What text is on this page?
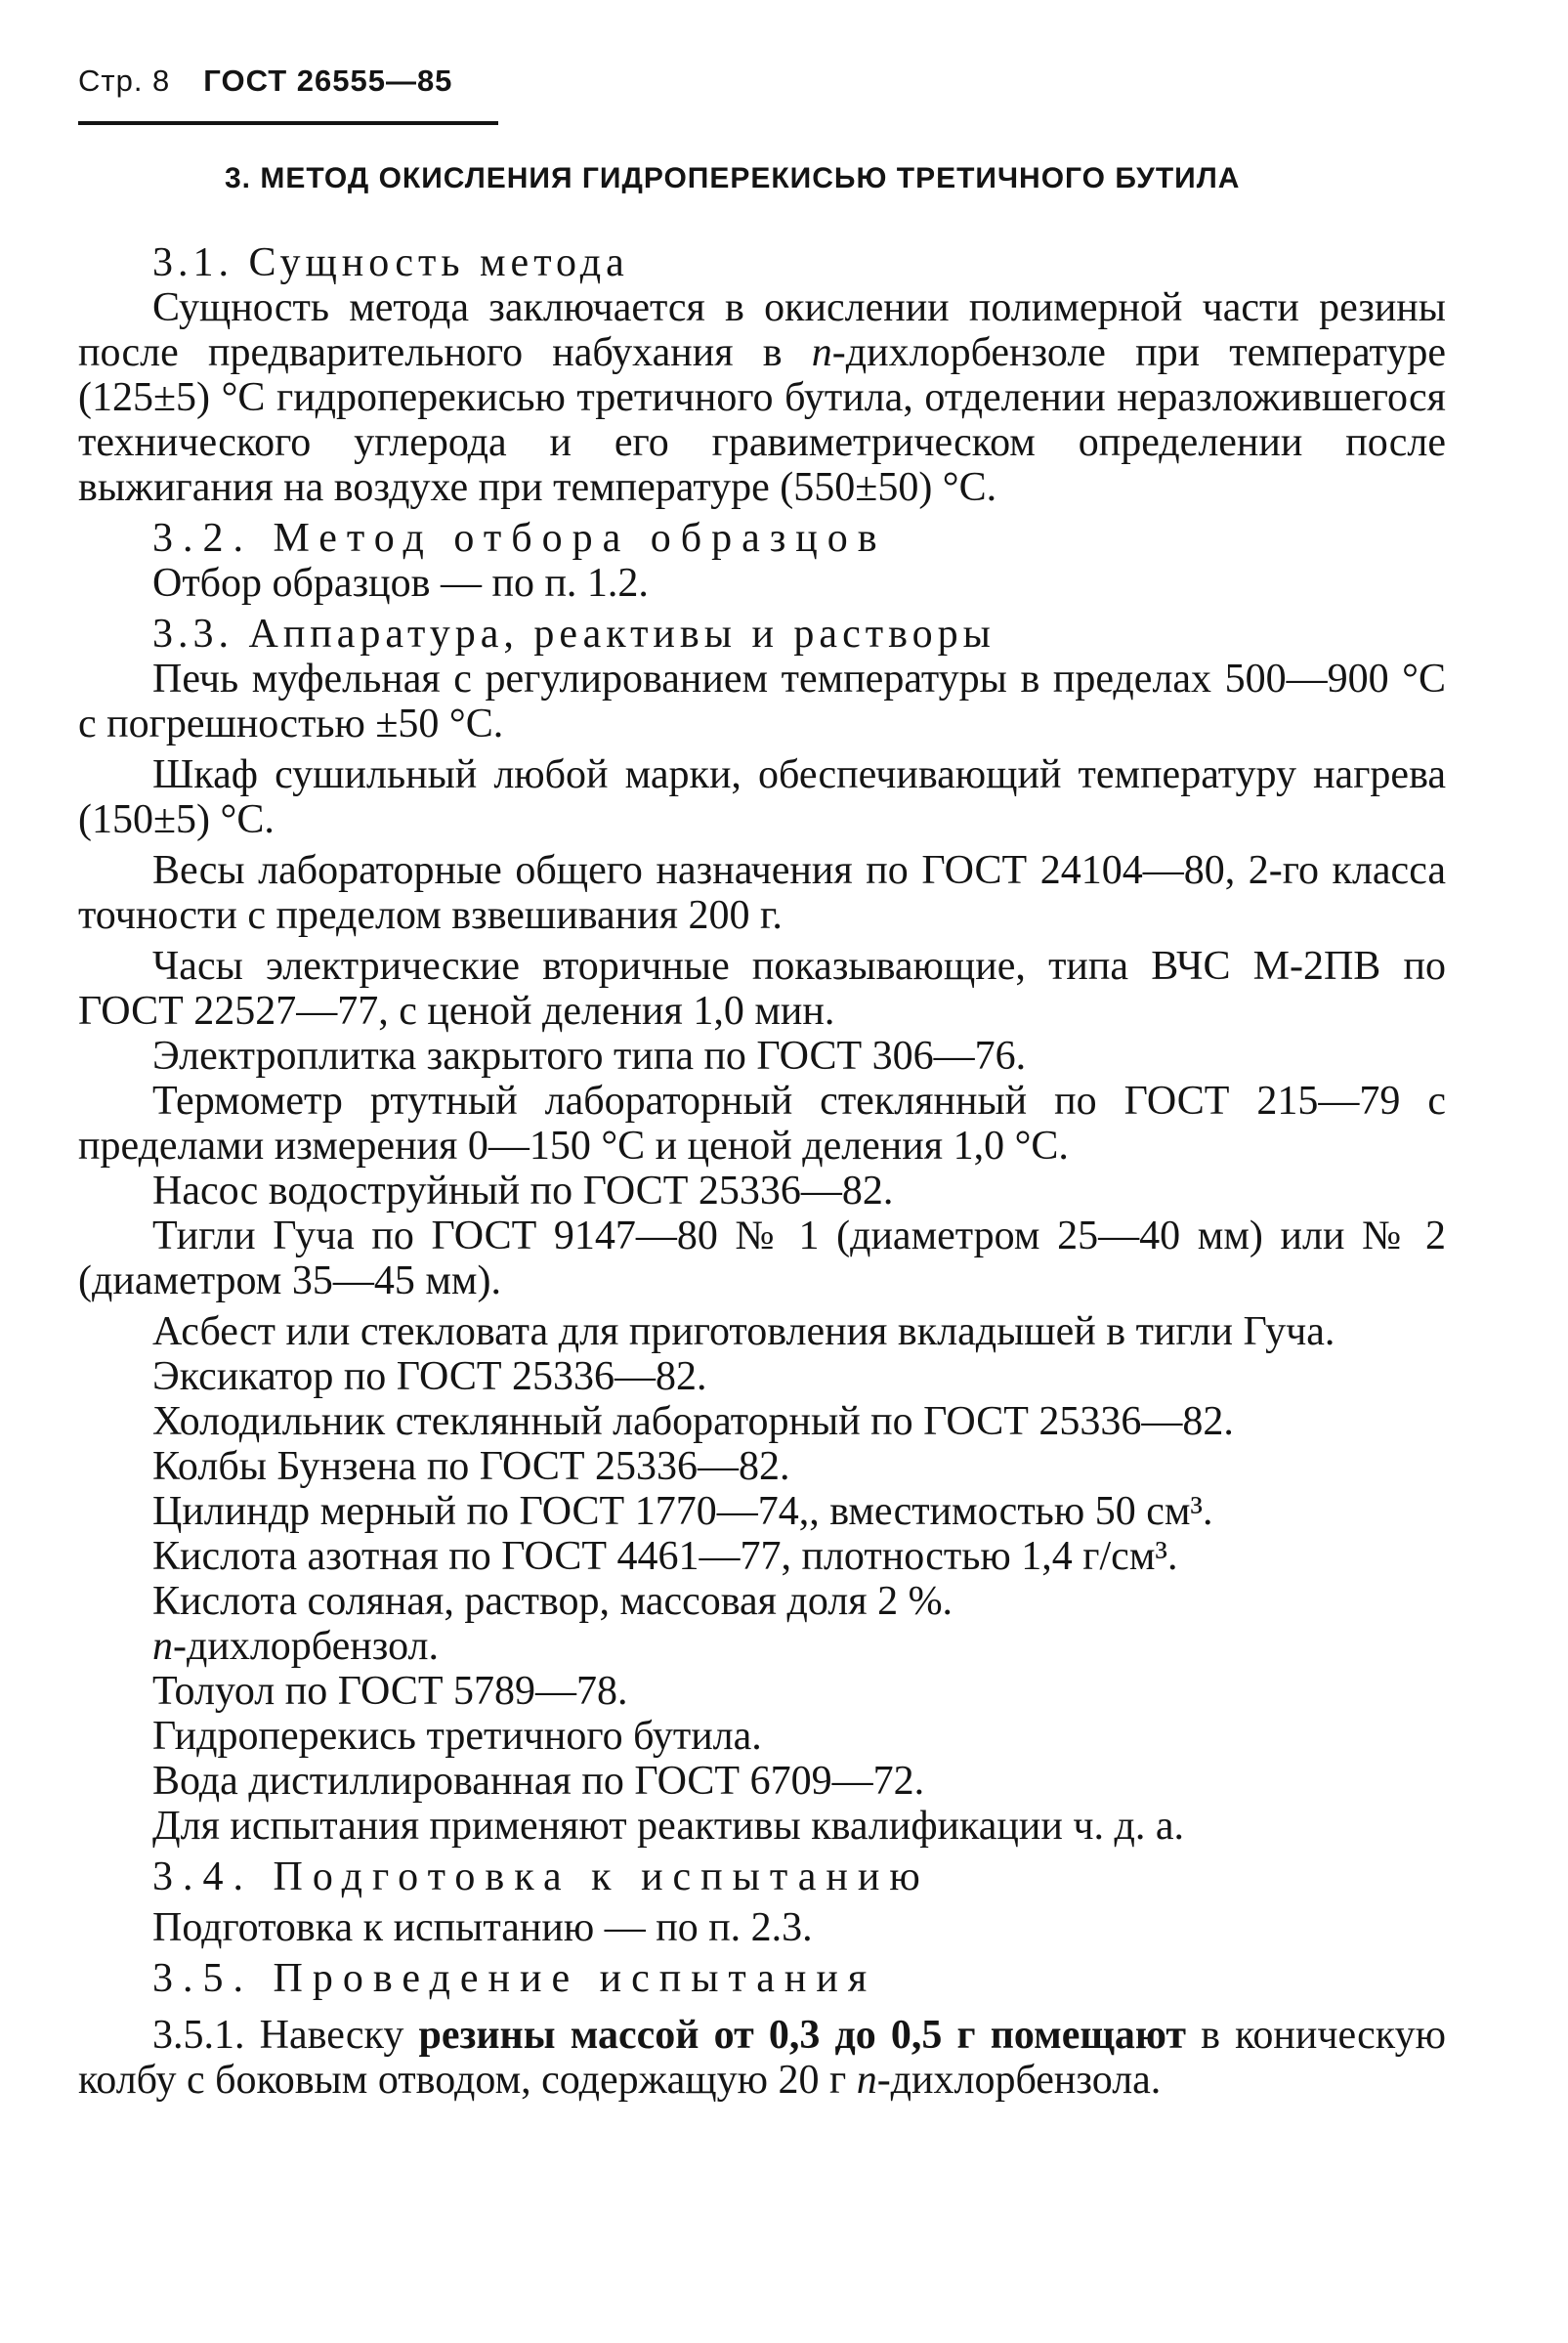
Стр. 8 ГОСТ 26555—85
3. МЕТОД ОКИСЛЕНИЯ ГИДРОПЕРЕКИСЬЮ ТРЕТИЧНОГО БУТИЛА
3.1. Сущность метода
Сущность метода заключается в окислении полимерной части резины после предварительного набухания в n-дихлорбензоле при температуре (125±5) °С гидроперекисью третичного бутила, отделении неразложившегося технического углерода и его гравиметрическом определении после выжигания на воздухе при температуре (550±50) °С.
3.2. Метод отбора образцов
Отбор образцов — по п. 1.2.
3.3. Аппаратура, реактивы и растворы
Печь муфельная с регулированием температуры в пределах 500—900 °С с погрешностью ±50 °С.
Шкаф сушильный любой марки, обеспечивающий температуру нагрева (150±5) °С.
Весы лабораторные общего назначения по ГОСТ 24104—80, 2-го класса точности с пределом взвешивания 200 г.
Часы электрические вторичные показывающие, типа ВЧС М-2ПВ по ГОСТ 22527—77, с ценой деления 1,0 мин.
Электроплитка закрытого типа по ГОСТ 306—76.
Термометр ртутный лабораторный стеклянный по ГОСТ 215—79 с пределами измерения 0—150 °С и ценой деления 1,0 °С.
Насос водоструйный по ГОСТ 25336—82.
Тигли Гуча по ГОСТ 9147—80 № 1 (диаметром 25—40 мм) или № 2 (диаметром 35—45 мм).
Асбест или стекловата для приготовления вкладышей в тигли Гуча.
Эксикатор по ГОСТ 25336—82.
Холодильник стеклянный лабораторный по ГОСТ 25336—82.
Колбы Бунзена по ГОСТ 25336—82.
Цилиндр мерный по ГОСТ 1770—74,, вместимостью 50 см³.
Кислота азотная по ГОСТ 4461—77, плотностью 1,4 г/см³.
Кислота соляная, раствор, массовая доля 2 %.
n-дихлорбензол.
Толуол по ГОСТ 5789—78.
Гидроперекись третичного бутила.
Вода дистиллированная по ГОСТ 6709—72.
Для испытания применяют реактивы квалификации ч. д. а.
3.4. Подготовка к испытанию
Подготовка к испытанию — по п. 2.3.
3.5. Проведение испытания
3.5.1. Навеску резины массой от 0,3 до 0,5 г помещают в коническую колбу с боковым отводом, содержащую 20 г n-дихлорбензола.
